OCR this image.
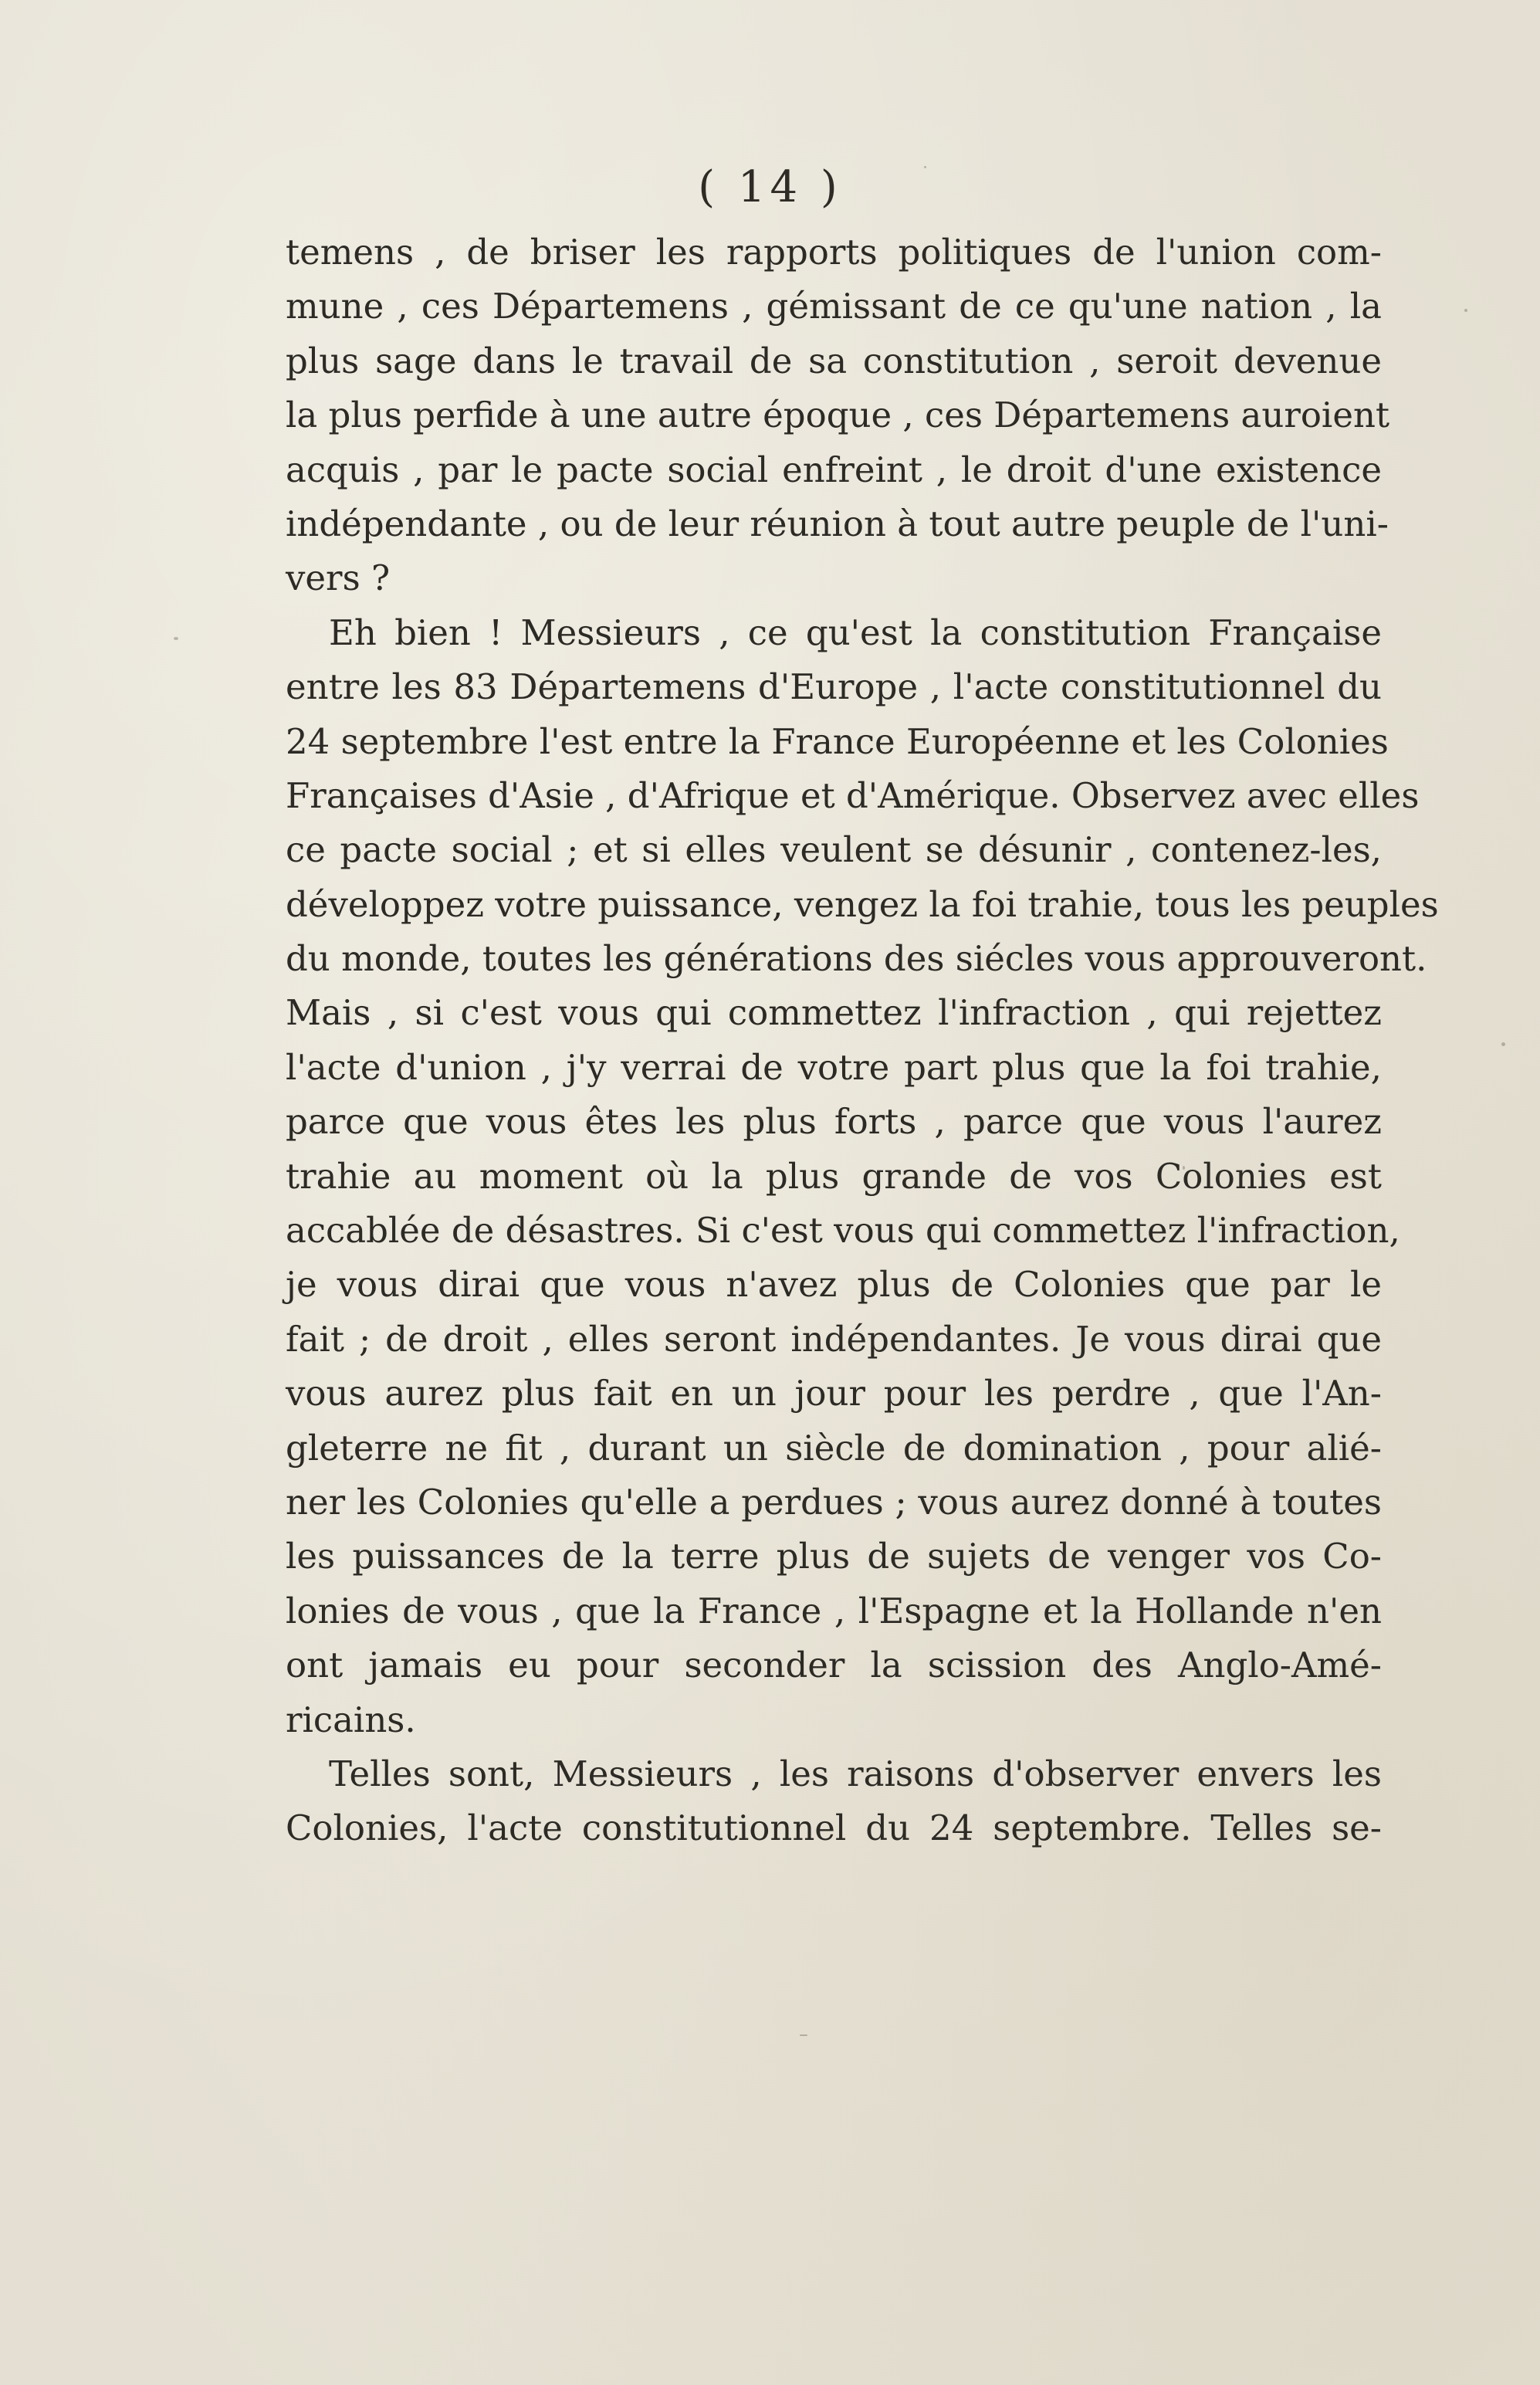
( 14 )
temens , de briser les rapports politiques de l'union com-
mune , ces Départemens , gémissant de ce qu'une nation , la
plus sage dans le travail de sa constitution , seroit devenue
la plus perfide à une autre époque , ces Départemens auroient
acquis , par le pacte social enfreint , le droit d'une existence
indépendante , ou de leur réunion à tout autre peuple de l'uni-
vers ?
Eh bien ! Messieurs , ce qu'est la constitution Française
entre les 83 Départemens d'Europe , l'acte constitutionnel du
24 septembre l'est entre la France Européenne et les Colonies
Françaises d'Asie , d'Afrique et d'Amérique. Observez avec elles
ce pacte social ; et si elles veulent se désunir , contenez-les,
développez votre puissance, vengez la foi trahie, tous les peuples
du monde, toutes les générations des siécles vous approuveront.
Mais , si c'est vous qui commettez l'infraction , qui rejettez
l'acte d'union , j'y verrai de votre part plus que la foi trahie,
parce que vous êtes les plus forts , parce que vous l'aurez
trahie au moment où la plus grande de vos Colonies est
accablée de désastres. Si c'est vous qui commettez l'infraction,
je vous dirai que vous n'avez plus de Colonies que par le
fait ; de droit , elles seront indépendantes. Je vous dirai que
vous aurez plus fait en un jour pour les perdre , que l'An-
gleterre ne fit , durant un siècle de domination , pour alié-
ner les Colonies qu'elle a perdues ; vous aurez donné à toutes
les puissances de la terre plus de sujets de venger vos Co-
lonies de vous , que la France , l'Espagne et la Hollande n'en
ont jamais eu pour seconder la scission des Anglo-Amé-
ricains.
Telles sont, Messieurs , les raisons d'observer envers les
Colonies, l'acte constitutionnel du 24 septembre. Telles se-
